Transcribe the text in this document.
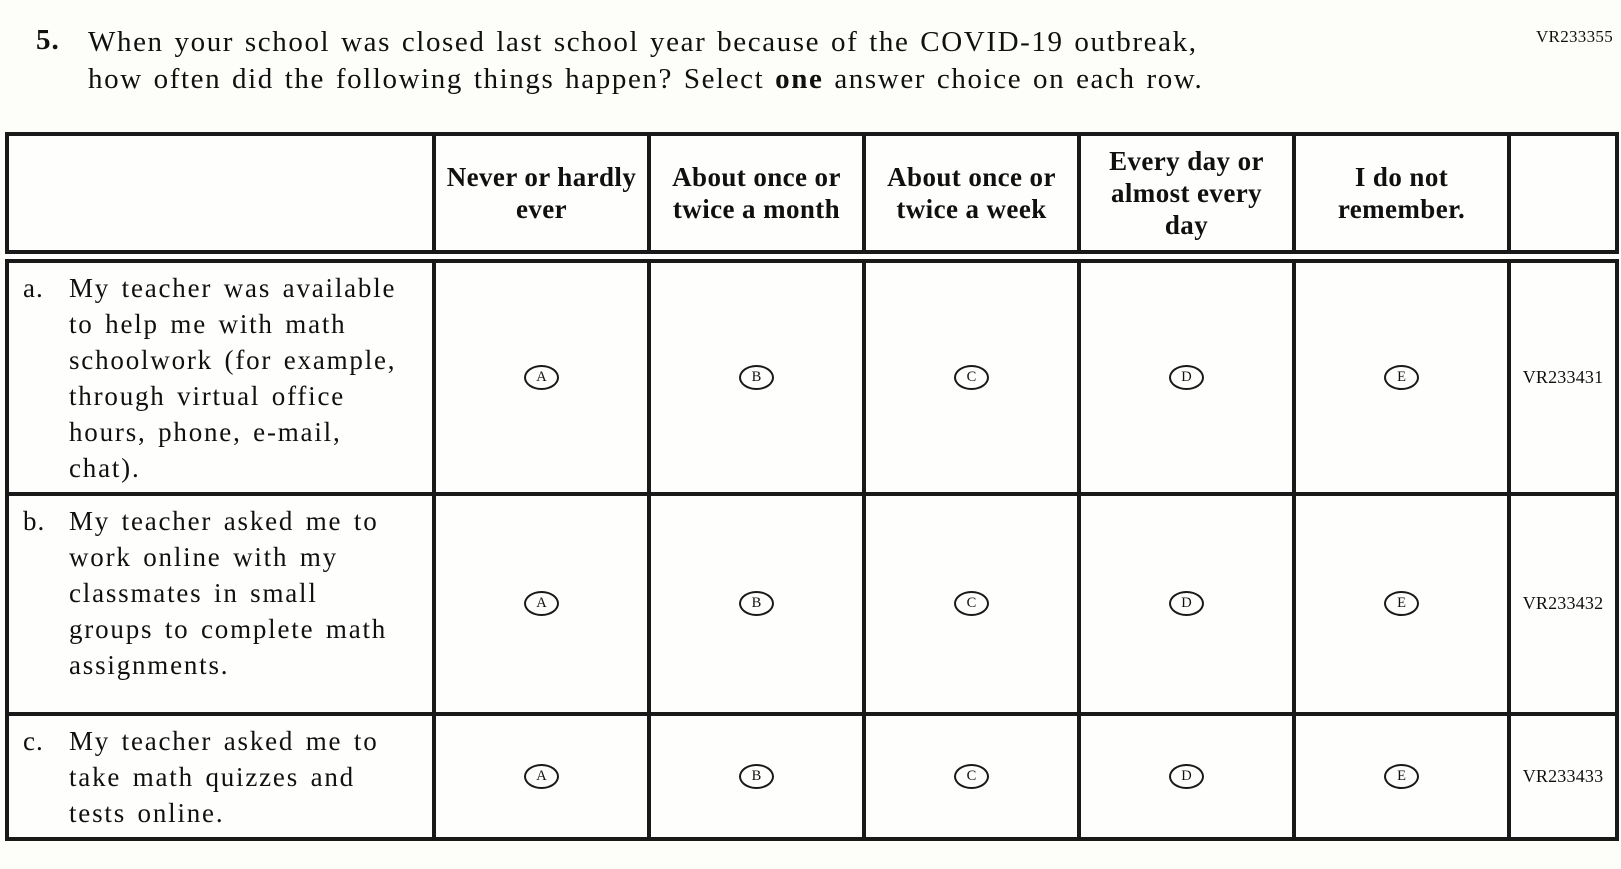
VR233355
5. When your school was closed last school year because of the COVID-19 outbreak,
how often did the following things happen? Select one answer choice on each row.
	Never or hardly ever	About once or twice a month	About once or twice a week	Every day or almost every day	I do not remember.	

a. My teacher was available to help me with math schoolwork (for example, through virtual office hours, phone, e-mail, chat).	A	B	C	D	E	VR233431

b. My teacher asked me to work online with my classmates in small groups to complete math assignments.	A	B	C	D	E	VR233432

c. My teacher asked me to take math quizzes and tests online.	A	B	C	D	E	VR233433
